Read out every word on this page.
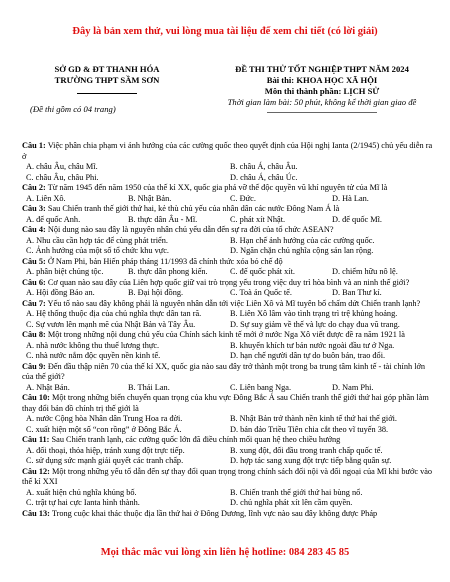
Đây là bản xem thử, vui lòng mua tài liệu để xem chi tiết (có lời giải)
SỞ GD & ĐT THANH HÓA
TRƯỜNG THPT SẦM SƠN
(Đề thi gồm có 04 trang)
ĐỀ THI THỬ TỐT NGHIỆP THPT NĂM 2024
Bài thi: KHOA HỌC XÃ HỘI
Môn thi thành phần: LỊCH SỬ
Thời gian làm bài: 50 phút, không kể thời gian giao đề
Câu 1: Việc phân chia phạm vi ảnh hưởng của các cường quốc theo quyết định của Hội nghị Ianta (2/1945) chủ yếu diễn ra ở
A. châu Âu, châu Mĩ.	B. châu Á, châu Âu.
C. châu Âu, châu Phi.	D. châu Á, châu Úc.
Câu 2: Từ năm 1945 đến năm 1950 của thế kỉ XX, quốc gia phá vỡ thế độc quyền vũ khí nguyên tử của Mĩ là
A. Liên Xô.	B. Nhật Bản.	C. Đức.	D. Hà Lan.
Câu 3: Sau Chiến tranh thế giới thứ hai, kẻ thù chủ yếu của nhân dân các nước Đông Nam Á là
A. đế quốc Anh.	B. thực dân Âu - Mĩ.	C. phát xít Nhật.	D. đế quốc Mĩ.
Câu 4: Nội dung nào sau đây là nguyên nhân chủ yếu dẫn đến sự ra đời của tổ chức ASEAN?
A. Nhu cầu cần hợp tác để cùng phát triển.	B. Hạn chế ảnh hưởng của các cường quốc.
C. Ảnh hưởng của một số tổ chức khu vực.	D. Ngăn chặn chủ nghĩa cộng sản lan rộng.
Câu 5: Ở Nam Phi, bản Hiến pháp tháng 11/1993 đã chính thức xóa bỏ chế độ
A. phân biệt chủng tộc.	B. thực dân phong kiến.	C. đế quốc phát xít.	D. chiếm hữu nô lệ.
Câu 6: Cơ quan nào sau đây của Liên hợp quốc giữ vai trò trọng yếu trong việc duy trì hòa bình và an ninh thế giới?
A. Hội đồng Bảo an.	B. Đại hội đồng.	C. Toà án Quốc tế.	D. Ban Thư kí.
Câu 7: Yếu tố nào sau đây không phải là nguyên nhân dẫn tới việc Liên Xô và Mĩ tuyên bố chấm dứt Chiến tranh lạnh?
A. Hệ thống thuộc địa của chủ nghĩa thực dân tan rã.	B. Liên Xô lâm vào tình trạng trì trệ khủng hoảng.
C. Sự vươn lên mạnh mẽ của Nhật Bản và Tây Âu.	D. Sự suy giảm về thế và lực do chạy đua vũ trang.
Câu 8: Một trong những nội dung chủ yếu của Chính sách kinh tế mới ở nước Nga Xô viết được đề ra năm 1921 là
A. nhà nước không thu thuế lương thực.	B. khuyến khích tư bản nước ngoài đầu tư ở Nga.
C. nhà nước nắm độc quyền nền kinh tế.	D. hạn chế người dân tự do buôn bán, trao đổi.
Câu 9: Đến đầu thập niên 70 của thế kỉ XX, quốc gia nào sau đây trở thành một trong ba trung tâm kinh tế - tài chính lớn của thế giới?
A. Nhật Bản.	B. Thái Lan.	C. Liên bang Nga.	D. Nam Phi.
Câu 10: Một trong những biến chuyển quan trọng của khu vực Đông Bắc Á sau Chiến tranh thế giới thứ hai góp phần làm thay đổi bản đồ chính trị thế giới là
A. nước Cộng hòa Nhân dân Trung Hoa ra đời.	B. Nhật Bản trở thành nền kinh tế thứ hai thế giới.
C. xuất hiện một số “con rồng” ở Đông Bắc Á.	D. bán đảo Triều Tiên chia cắt theo vĩ tuyến 38.
Câu 11: Sau Chiến tranh lạnh, các cường quốc lớn đã điều chỉnh mối quan hệ theo chiều hướng
A. đối thoại, thỏa hiệp, tránh xung đột trực tiếp.	B. xung đột, đối đầu trong tranh chấp quốc tế.
C. sử dụng sức mạnh giải quyết các tranh chấp.	D. hợp tác sang xung đột trực tiếp bằng quân sự.
Câu 12: Một trong những yếu tố dẫn đến sự thay đổi quan trọng trong chính sách đối nội và đối ngoại của Mĩ khi bước vào thế kỉ XXI
A. xuất hiện chủ nghĩa khủng bố.	B. Chiến tranh thế giới thứ hai bùng nổ.
C. trật tự hai cực Ianta hình thành.	D. chủ nghĩa phát xít lên cầm quyền.
Câu 13: Trong cuộc khai thác thuộc địa lần thứ hai ở Đông Dương, lĩnh vực nào sau đây không được Pháp
Mọi thắc mắc vui lòng xin liên hệ hotline: 084 283 45 85
